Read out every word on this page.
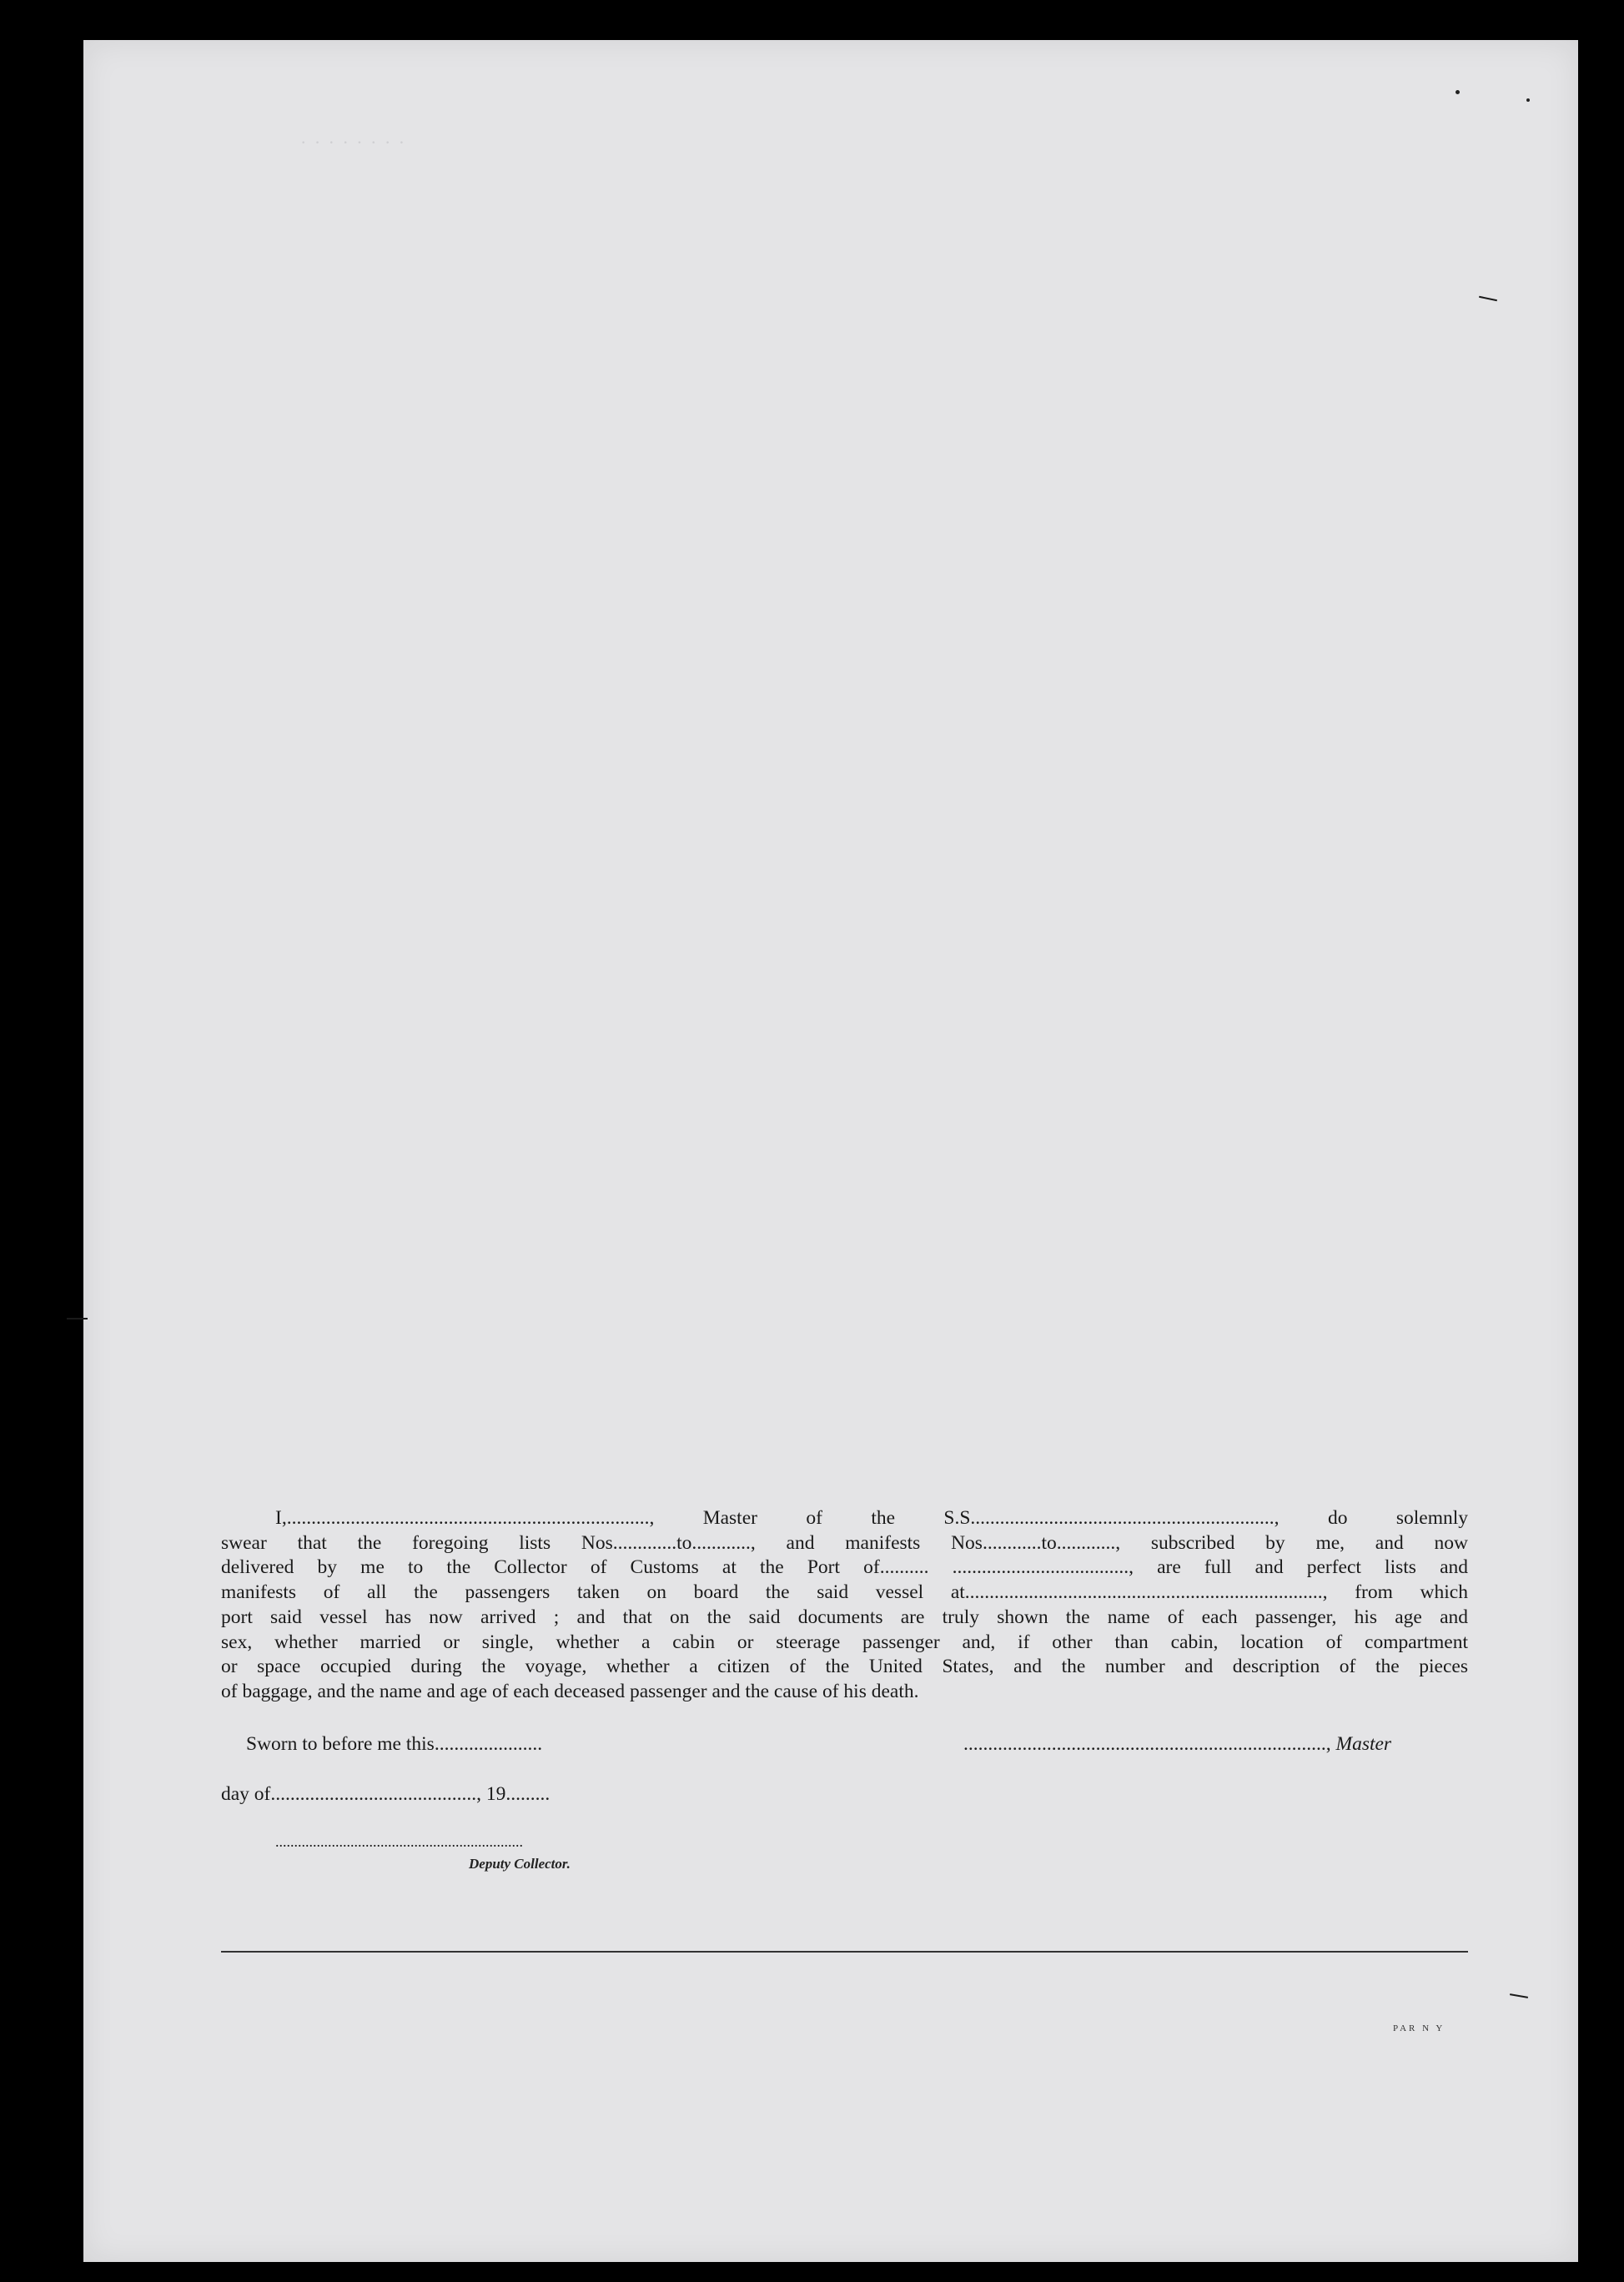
· · · · · · · ·
I,.........................................................................., Master of the S.S.............................................................., do solemnly
swear that the foregoing lists Nos.............to............, and manifests Nos............to............, subscribed by me, and now
delivered by me to the Collector of Customs at the Port of.......... ...................................., are full and perfect lists and
manifests of all the passengers taken on board the said vessel at........................................................................., from which
port said vessel has now arrived ; and that on the said documents are truly shown the name of each passenger, his age and
sex, whether married or single, whether a cabin or steerage passenger and, if other than cabin, location of compartment
or space occupied during the voyage, whether a citizen of the United States, and the number and description of the pieces
of baggage, and the name and age of each deceased passenger and the cause of his death.
Sworn to before me this......................	.........................................................................., Master
day of.........................................., 19.........
..................................................................
Deputy Collector.
PAR N Y
